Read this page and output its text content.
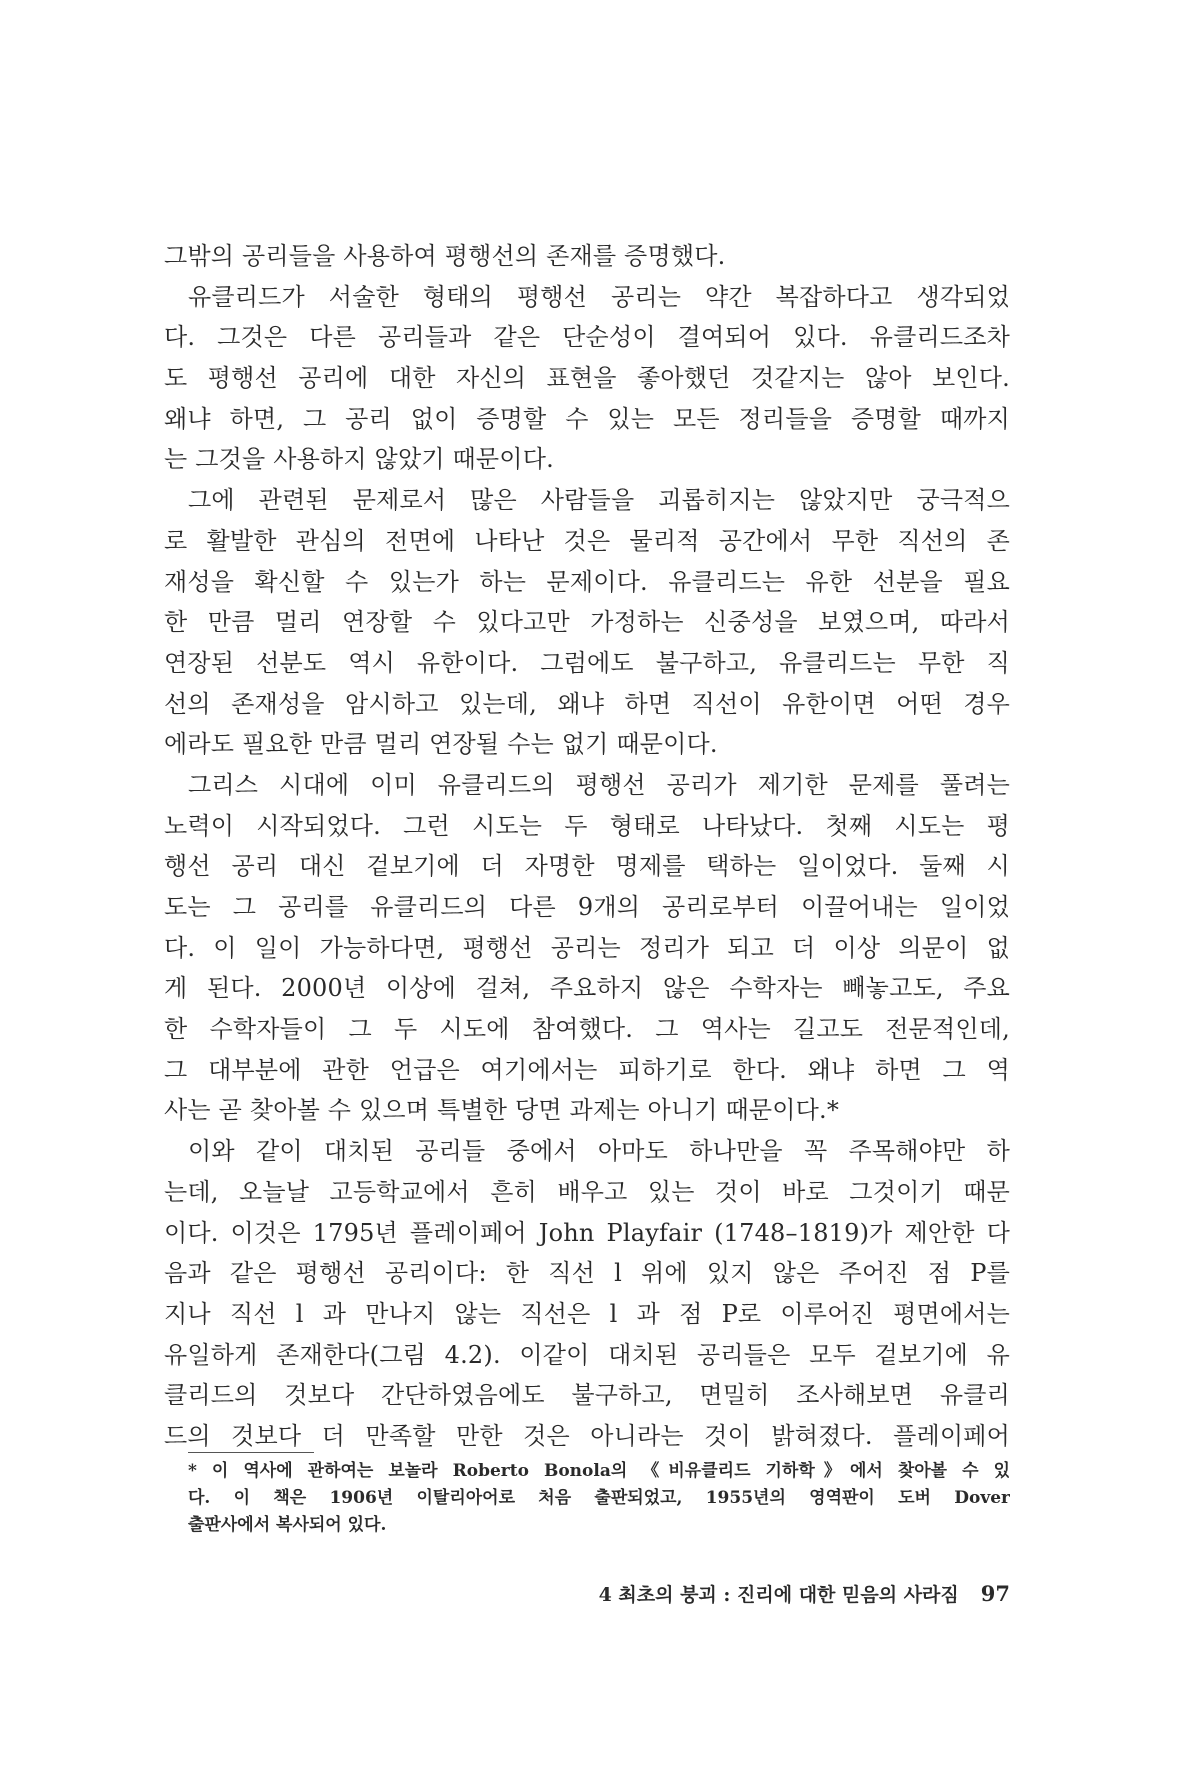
그밖의 공리들을 사용하여 평행선의 존재를 증명했다.
유클리드가 서술한 형태의 평행선 공리는 약간 복잡하다고 생각되었
다. 그것은 다른 공리들과 같은 단순성이 결여되어 있다. 유클리드조차
도 평행선 공리에 대한 자신의 표현을 좋아했던 것같지는 않아 보인다.
왜냐 하면, 그 공리 없이 증명할 수 있는 모든 정리들을 증명할 때까지
는 그것을 사용하지 않았기 때문이다.
그에 관련된 문제로서 많은 사람들을 괴롭히지는 않았지만 궁극적으
로 활발한 관심의 전면에 나타난 것은 물리적 공간에서 무한 직선의 존
재성을 확신할 수 있는가 하는 문제이다. 유클리드는 유한 선분을 필요
한 만큼 멀리 연장할 수 있다고만 가정하는 신중성을 보였으며, 따라서
연장된 선분도 역시 유한이다. 그럼에도 불구하고, 유클리드는 무한 직
선의 존재성을 암시하고 있는데, 왜냐 하면 직선이 유한이면 어떤 경우
에라도 필요한 만큼 멀리 연장될 수는 없기 때문이다.
그리스 시대에 이미 유클리드의 평행선 공리가 제기한 문제를 풀려는
노력이 시작되었다. 그런 시도는 두 형태로 나타났다. 첫째 시도는 평
행선 공리 대신 겉보기에 더 자명한 명제를 택하는 일이었다. 둘째 시
도는 그 공리를 유클리드의 다른 9개의 공리로부터 이끌어내는 일이었
다. 이 일이 가능하다면, 평행선 공리는 정리가 되고 더 이상 의문이 없
게 된다. 2000년 이상에 걸쳐, 주요하지 않은 수학자는 빼놓고도, 주요
한 수학자들이 그 두 시도에 참여했다. 그 역사는 길고도 전문적인데,
그 대부분에 관한 언급은 여기에서는 피하기로 한다. 왜냐 하면 그 역
사는 곧 찾아볼 수 있으며 특별한 당면 과제는 아니기 때문이다.*
이와 같이 대치된 공리들 중에서 아마도 하나만을 꼭 주목해야만 하
는데, 오늘날 고등학교에서 흔히 배우고 있는 것이 바로 그것이기 때문
이다. 이것은 1795년 플레이페어 John Playfair (1748–1819)가 제안한 다
음과 같은 평행선 공리이다: 한 직선 l 위에 있지 않은 주어진 점 P를
지나 직선 l 과 만나지 않는 직선은 l 과 점 P로 이루어진 평면에서는
유일하게 존재한다(그림 4.2). 이같이 대치된 공리들은 모두 겉보기에 유
클리드의 것보다 간단하였음에도 불구하고, 면밀히 조사해보면 유클리
드의 것보다 더 만족할 만한 것은 아니라는 것이 밝혀졌다. 플레이페어
* 이 역사에 관하여는 보놀라 Roberto Bonola의 《비유클리드 기하학》에서 찾아볼 수 있
다. 이 책은 1906년 이탈리아어로 처음 출판되었고, 1955년의 영역판이 도버 Dover
출판사에서 복사되어 있다.
4 최초의 붕괴 : 진리에 대한 믿음의 사라짐 97
